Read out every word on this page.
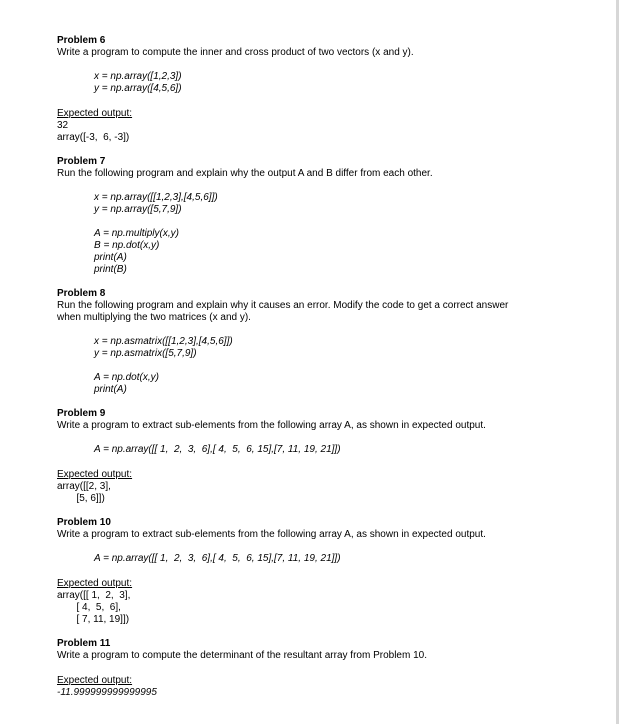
Problem 6
Write a program to compute the inner and cross product of two vectors (x and y).
x = np.array([1,2,3])
y = np.array([4,5,6])
Expected output:
32
array([-3,  6, -3])
Problem 7
Run the following program and explain why the output A and B differ from each other.
x = np.array([[1,2,3],[4,5,6]])
y = np.array([5,7,9])
A = np.multiply(x,y)
B = np.dot(x,y)
print(A)
print(B)
Problem 8
Run the following program and explain why it causes an error. Modify the code to get a correct answer
when multiplying the two matrices (x and y).
x = np.asmatrix([[1,2,3],[4,5,6]])
y = np.asmatrix([5,7,9])
A = np.dot(x,y)
print(A)
Problem 9
Write a program to extract sub-elements from the following array A, as shown in expected output.
A = np.array([[ 1,  2,  3,  6],[ 4,  5,  6, 15],[7, 11, 19, 21]])
Expected output:
array([[2, 3],
[5, 6]])
Problem 10
Write a program to extract sub-elements from the following array A, as shown in expected output.
A = np.array([[ 1,  2,  3,  6],[ 4,  5,  6, 15],[7, 11, 19, 21]])
Expected output:
array([[ 1,  2,  3],
[ 4,  5,  6],
[ 7, 11, 19]])
Problem 11
Write a program to compute the determinant of the resultant array from Problem 10.
Expected output:
-11.999999999999995
